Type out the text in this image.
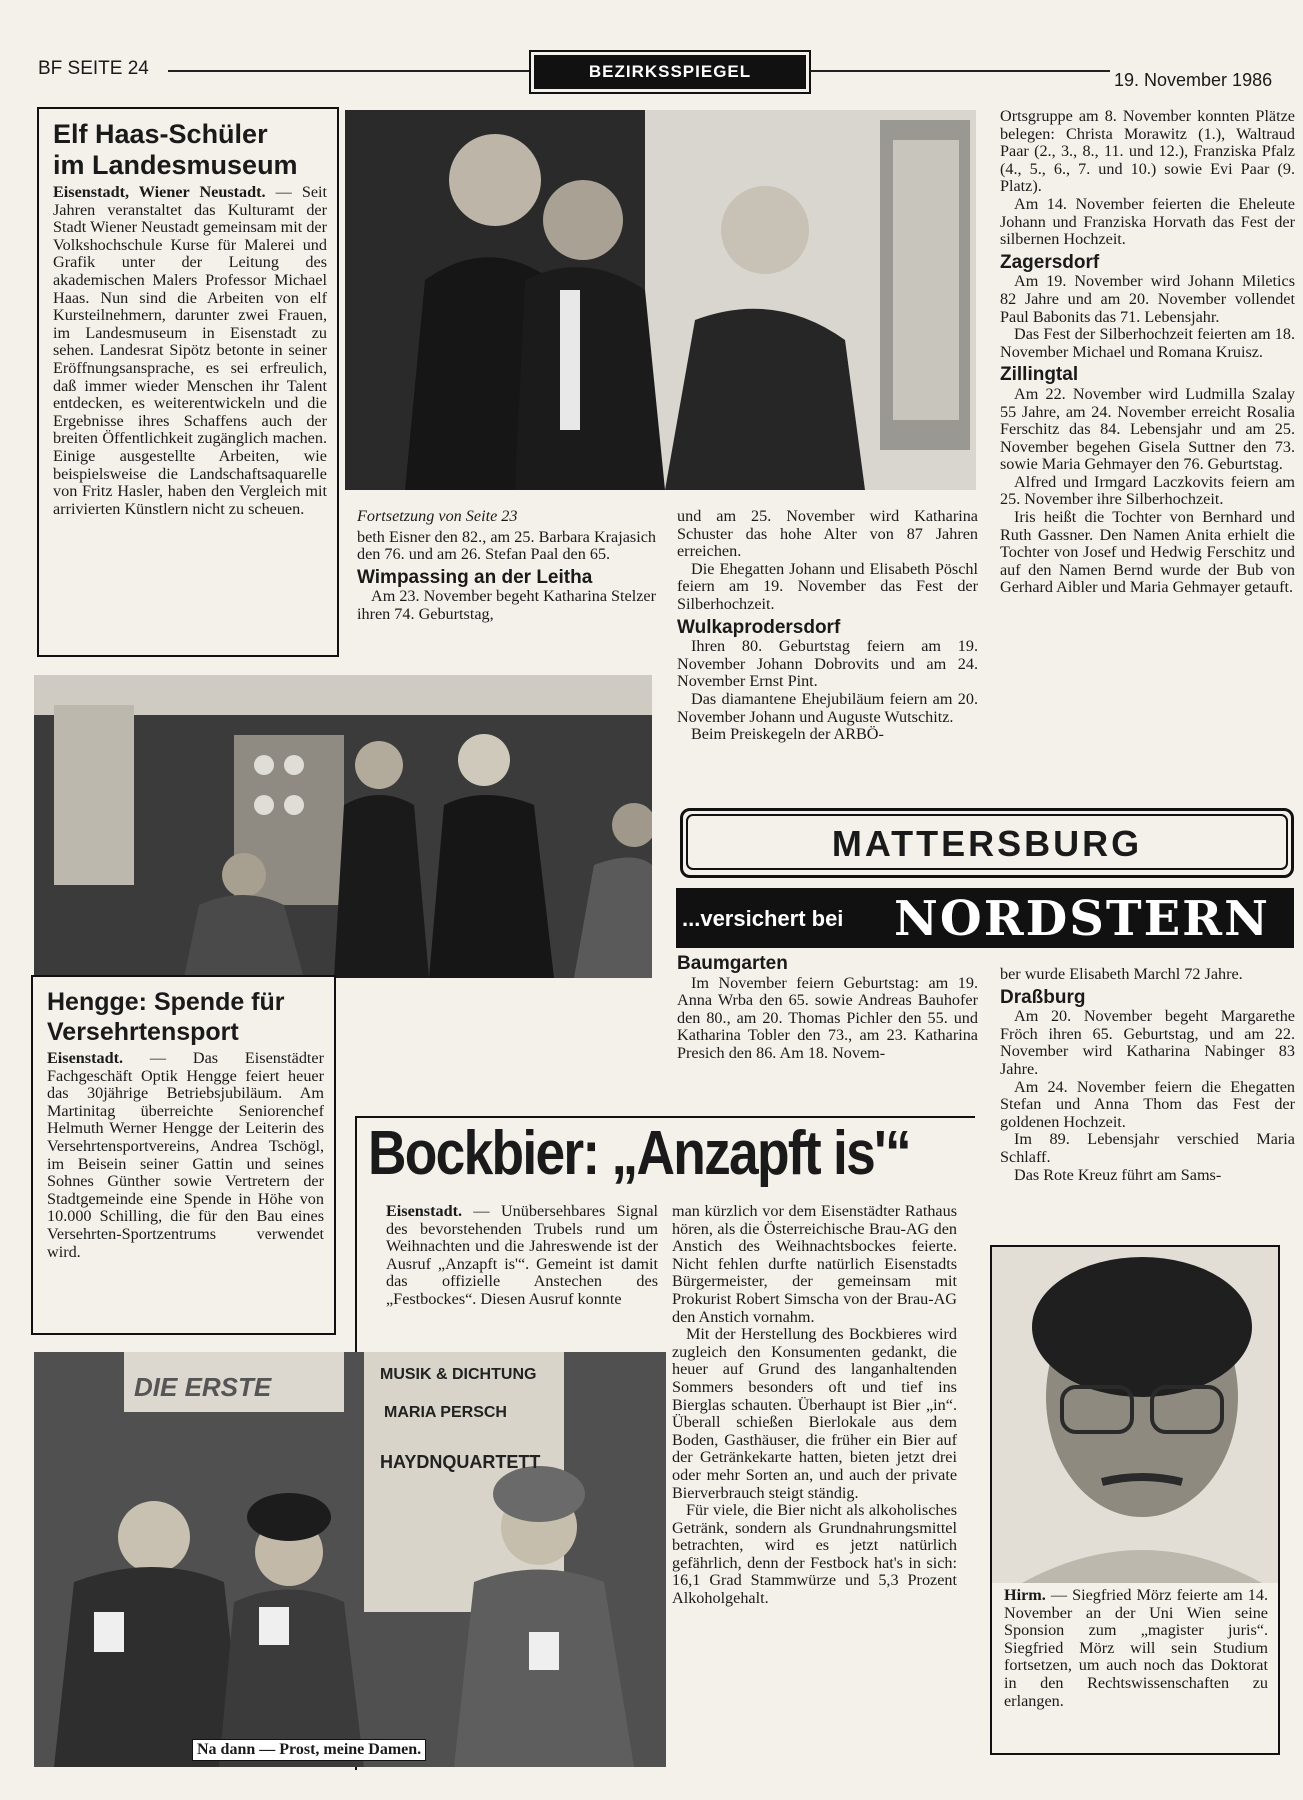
BF SEITE 24	BEZIRKSSPIEGEL	19. November 1986
Elf Haas-Schüler
im Landesmuseum
Eisenstadt, Wiener Neustadt. — Seit Jahren veranstaltet das Kulturamt der Stadt Wiener Neustadt gemeinsam mit der Volkshochschule Kurse für Malerei und Grafik unter der Leitung des akademischen Malers Professor Michael Haas. Nun sind die Arbeiten von elf Kursteilnehmern, darunter zwei Frauen, im Landesmuseum in Eisenstadt zu sehen. Landesrat Sipötz betonte in seiner Eröffnungsansprache, es sei erfreulich, daß immer wieder Menschen ihr Talent entdecken, es weiterentwickeln und die Ergebnisse ihres Schaffens auch der breiten Öffentlichkeit zugänglich machen. Einige ausgestellte Arbeiten, wie beispielsweise die Landschaftsaquarelle von Fritz Hasler, haben den Vergleich mit arrivierten Künstlern nicht zu scheuen.	Fortsetzung von Seite 23

beth Eisner den 82., am 25. Barbara Krajasich den 76. und am 26. Stefan Paal den 65.

Wimpassing an der Leitha

Am 23. November begeht Katharina Stelzer ihren 74. Geburtstag,

und am 25. November wird Katharina Schuster das hohe Alter von 87 Jahren erreichen.

Die Ehegatten Johann und Elisabeth Pöschl feiern am 19. November das Fest der Silberhochzeit.

Wulkaprodersdorf

Ihren 80. Geburtstag feiern am 19. November Johann Dobrovits und am 24. November Ernst Pint.

Das diamantene Ehejubiläum feiern am 20. November Johann und Auguste Wutschitz.

Beim Preiskegeln der ARBÖ-

Ortsgruppe am 8. November konnten Plätze belegen: Christa Morawitz (1.), Waltraud Paar (2., 3., 8., 11. und 12.), Franziska Pfalz (4., 5., 6., 7. und 10.) sowie Evi Paar (9. Platz).

Am 14. November feierten die Eheleute Johann und Franziska Horvath das Fest der silbernen Hochzeit.

Zagersdorf

Am 19. November wird Johann Miletics 82 Jahre und am 20. November vollendet Paul Babonits das 71. Lebensjahr.

Das Fest der Silberhochzeit feierten am 18. November Michael und Romana Kruisz.

Zillingtal

Am 22. November wird Ludmilla Szalay 55 Jahre, am 24. November erreicht Rosalia Ferschitz das 84. Lebensjahr und am 25. November begehen Gisela Suttner den 73. sowie Maria Gehmayer den 76. Geburtstag.

Alfred und Irmgard Laczkovits feiern am 25. November ihre Silberhochzeit.

Iris heißt die Tochter von Bernhard und Ruth Gassner. Den Namen Anita erhielt die Tochter von Josef und Hedwig Ferschitz und auf den Namen Bernd wurde der Bub von Gerhard Aibler und Maria Gehmayer getauft.

MATTERSBURG
...versichert bei NORDSTERN
Baumgarten

Im November feiern Geburtstag: am 19. Anna Wrba den 65. sowie Andreas Bauhofer den 80., am 20. Thomas Pichler den 55. und Katharina Tobler den 73., am 23. Katharina Presich den 86. Am 18. Novem-

ber wurde Elisabeth Marchl 72 Jahre.

Draßburg

Am 20. November begeht Margarethe Fröch ihren 65. Geburtstag, und am 22. November wird Katharina Nabinger 83 Jahre.

Am 24. November feiern die Ehegatten Stefan und Anna Thom das Fest der goldenen Hochzeit.

Im 89. Lebensjahr verschied Maria Schlaff.

Das Rote Kreuz führt am Sams-

Hengge: Spende für
Versehrtensport
Eisenstadt. — Das Eisenstädter Fachgeschäft Optik Hengge feiert heuer das 30jährige Betriebsjubiläum. Am Martinitag überreichte Seniorenchef Helmuth Werner Hengge der Leiterin des Versehrtensportvereins, Andrea Tschögl, im Beisein seiner Gattin und seines Sohnes Günther sowie Vertretern der Stadtgemeinde eine Spende in Höhe von 10.000 Schilling, die für den Bau eines Versehrten-Sportzentrums verwendet wird.
Bockbier: „Anzapft is'“
Eisenstadt. — Unübersehbares Signal des bevorstehenden Trubels rund um Weihnachten und die Jahreswende ist der Ausruf „Anzapft is'“. Gemeint ist damit das offizielle Anstechen des „Festbockes“. Diesen Ausruf konnte

man kürzlich vor dem Eisenstädter Rathaus hören, als die Österreichische Brau-AG den Anstich des Weihnachtsbockes feierte. Nicht fehlen durfte natürlich Eisenstadts Bürgermeister, der gemeinsam mit Prokurist Robert Simscha von der Brau-AG den Anstich vornahm.

Mit der Herstellung des Bockbieres wird zugleich den Konsumenten gedankt, die heuer auf Grund des langanhaltenden Sommers besonders oft und tief ins Bierglas schauten. Überhaupt ist Bier „in“. Überall schießen Bierlokale aus dem Boden, Gasthäuser, die früher ein Bier auf der Getränkekarte hatten, bieten jetzt drei oder mehr Sorten an, und auch der private Bierverbrauch steigt ständig.

Für viele, die Bier nicht als alkoholisches Getränk, sondern als Grundnahrungsmittel betrachten, wird es jetzt natürlich gefährlich, denn der Festbock hat's in sich: 16,1 Grad Stammwürze und 5,3 Prozent Alkoholgehalt.

DIE ERSTE	MUSIK & DICHTUNG
MARIA PERSCH
HAYDNQUARTETT
Na dann — Prost, meine Damen.
Hirm. — Siegfried Mörz feierte am 14. November an der Uni Wien seine Sponsion zum „magister juris“. Siegfried Mörz will sein Studium fortsetzen, um auch noch das Doktorat in den Rechtswissenschaften zu erlangen.
